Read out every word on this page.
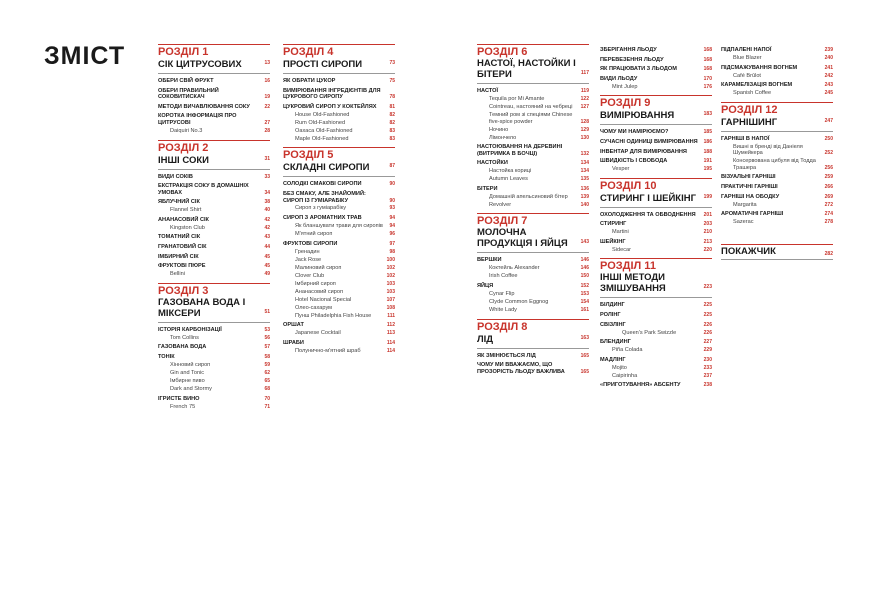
ЗМІСТ	РОЗДІЛ 1
СІК ЦИТРУСОВИХ	13
ОБЕРИ СВІЙ ФРУКТ	16
ОБЕРИ ПРАВИЛЬНИЙ СОКОВИТИСКАЧ	19
МЕТОДИ ВИЧАВЛЮВАННЯ СОКУ	22
КОРОТКА ІНФОРМАЦІЯ ПРО ЦИТРУСОВІ	27
Daiquiri No.3	28
РОЗДІЛ 2
ІНШІ СОКИ	31
ВИДИ СОКІВ	33
ЕКСТРАКЦІЯ СОКУ В ДОМАШНІХ УМОВАХ	34
ЯБЛУЧНИЙ СІК	38
Flannel Shirt	40
АНАНАСОВИЙ СІК	42
Kingston Club	42
ТОМАТНИЙ СІК	43
ГРАНАТОВИЙ СІК	44
ІМБИРНИЙ СІК	45
ФРУКТОВІ ПЮРЕ	45
Bellini	49
РОЗДІЛ 3
ГАЗОВАНА ВОДА І МІКСЕРИ	51
ІСТОРІЯ КАРБОНІЗАЦІЇ	53
Tom Collins	56
ГАЗОВАНА ВОДА	57
ТОНІК	58
Хінновий сироп	59
Gin and Tonic	62
Імбирне пиво	65
Dark and Stormy	68
ІГРИСТЕ ВИНО	70
French 75	71
РОЗДІЛ 4
ПРОСТІ СИРОПИ	73
ЯК ОБРАТИ ЦУКОР	75
ВИМІРЮВАННЯ ІНГРЕДІЄНТІВ ДЛЯ ЦУКРОВОГО СИРОПУ	78
ЦУКРОВИЙ СИРОП У КОКТЕЙЛЯХ	81
House Old-Fashioned	82
Rum Old-Fashioned	82
Oaxaca Old-Fashioned	83
Maple Old-Fashioned	83
РОЗДІЛ 5
СКЛАДНІ СИРОПИ	87
СОЛОДКІ СМАКОВІ СИРОПИ	90
БЕЗ СМАКУ, АЛЕ ЗНАЙОМИЙ: СИРОП ІЗ ГУМІАРАБІКУ	90
Сироп з гуміарабіку	93
СИРОП З АРОМАТНИХ ТРАВ	94
Як бланшувати трави для сиропів	94
М'ятний сироп	96
ФРУКТОВІ СИРОПИ	97
Гренадин	98
Jack Rose	100
Малиновий сироп	102
Clover Club	102
Імбирний сироп	103
Ананасовий сироп	103
Hotel Nacional Special	107
Олео-сахарум	108
Пунш Philadelphia Fish House	111
ОРШАТ	112
Japanese Cocktail	113
ШРАБИ	114
Полунично-м'ятний шраб	114
РОЗДІЛ 6
НАСТОЇ, НАСТОЙКИ І БІТЕРИ	117
НАСТОЇ	119
Tequila por Mi Amante	122
Cointreau, настояний на чебреці	127
Темний ром зі спеціями Chinese five-spice powder	128
Ночино	129
Лімончело	130
НАСТОЮВАННЯ НА ДЕРЕВИНІ (ВИТРИМКА В БОЧЦІ)	132
НАСТОЙКИ	134
Настойка кориці	134
Autumn Leaves	135
БІТЕРИ	136
Домашній апельсиновий бітер	139
Revolver	140
РОЗДІЛ 7
МОЛОЧНА ПРОДУКЦІЯ І ЯЙЦЯ	143
ВЕРШКИ	146
Коктейль Alexander	146
Irish Coffee	150
ЯЙЦЯ	152
Cynar Flip	153
Clyde Common Eggnog	154
White Lady	161
РОЗДІЛ 8
ЛІД	163
ЯК ЗМІНЮЄТЬСЯ ЛІД	165
ЧОМУ МИ ВВАЖАЄМО, ЩО ПРОЗОРІСТЬ ЛЬОДУ ВАЖЛИВА	165
ЗБЕРІГАННЯ ЛЬОДУ	168
ПЕРЕВЕЗЕННЯ ЛЬОДУ	168
ЯК ПРАЦЮВАТИ З ЛЬОДОМ	168
ВИДИ ЛЬОДУ	170
Mint Julep	176
РОЗДІЛ 9
ВИМІРЮВАННЯ	183
ЧОМУ МИ НАМІРЮЄМО?	185
СУЧАСНІ ОДИНИЦІ ВИМІРЮВАННЯ	186
ІНВЕНТАР ДЛЯ ВИМІРЮВАННЯ	188
ШВИДКІСТЬ І СВОБОДА	191
Vesper	195
РОЗДІЛ 10
СТИРИНГ І ШЕЙКІНГ 199
ОХОЛОДЖЕННЯ ТА ОБВОДНЕННЯ	201
СТИРИНГ	203
Martini	210
ШЕЙКІНГ	213
Sidecar	220
РОЗДІЛ 11
ІНШІ МЕТОДИ ЗМІШУВАННЯ	223
БІЛДИНГ	225
РОЛІНГ	225
СВІЗЛІНГ	226
Queen's Park Swizzle	226
БЛЕНДИНГ	227
Piña Colada	229
МАДЛІНГ	230
Mojito	233
Caipirinha	237
«ПРИГОТУВАННЯ» АБСЕНТУ	238
ПІДПАЛЕНІ НАПОЇ	239
Blue Blazer	240
ПІДСМАЖУВАННЯ ВОГНЕМ	241
Café Brûlot	242
КАРАМЕЛІЗАЦІЯ ВОГНЕМ	243
Spanish Coffee	245
РОЗДІЛ 12
ГАРНІШИНГ	247
ГАРНІШІ В НАПОЇ	250
Вишні в бренді від Даніеля Шумейкера	252
Консервована цибуля від Тодда Трашера	256
ВІЗУАЛЬНІ ГАРНІШІ	259
ПРАКТИЧНІ ГАРНІШІ	266
ГАРНІШІ НА ОБОДКУ	269
Margarita	272
АРОМАТИЧНІ ГАРНІШІ	274
Sazerac	278
ПОКАЖЧИК	282
